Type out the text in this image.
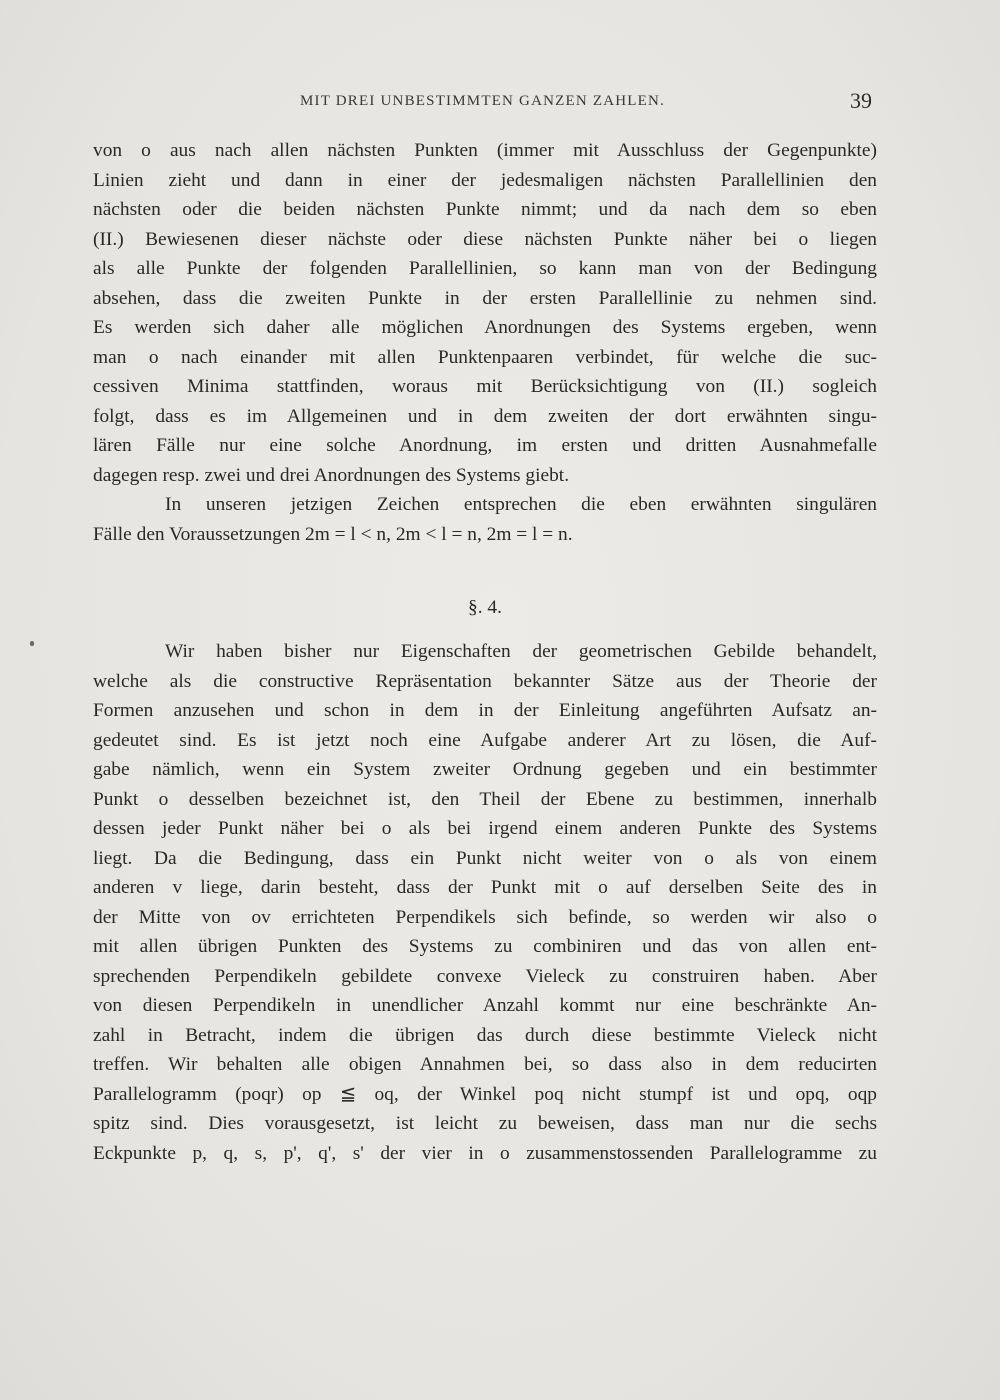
MIT DREI UNBESTIMMTEN GANZEN ZAHLEN.	39
von o aus nach allen nächsten Punkten (immer mit Ausschluss der Gegenpunkte)
Linien zieht und dann in einer der jedesmaligen nächsten Parallellinien den
nächsten oder die beiden nächsten Punkte nimmt; und da nach dem so eben
(II.) Bewiesenen dieser nächste oder diese nächsten Punkte näher bei o liegen
als alle Punkte der folgenden Parallellinien, so kann man von der Bedingung
absehen, dass die zweiten Punkte in der ersten Parallellinie zu nehmen sind.
Es werden sich daher alle möglichen Anordnungen des Systems ergeben, wenn
man o nach einander mit allen Punktenpaaren verbindet, für welche die suc-
cessiven Minima stattfinden, woraus mit Berücksichtigung von (II.) sogleich
folgt, dass es im Allgemeinen und in dem zweiten der dort erwähnten singu-
lären Fälle nur eine solche Anordnung, im ersten und dritten Ausnahmefalle
dagegen resp. zwei und drei Anordnungen des Systems giebt.
In unseren jetzigen Zeichen entsprechen die eben erwähnten singulären
Fälle den Voraussetzungen 2m = l < n, 2m < l = n, 2m = l = n.
§. 4.
Wir haben bisher nur Eigenschaften der geometrischen Gebilde behandelt,
welche als die constructive Repräsentation bekannter Sätze aus der Theorie der
Formen anzusehen und schon in dem in der Einleitung angeführten Aufsatz an-
gedeutet sind. Es ist jetzt noch eine Aufgabe anderer Art zu lösen, die Auf-
gabe nämlich, wenn ein System zweiter Ordnung gegeben und ein bestimmter
Punkt o desselben bezeichnet ist, den Theil der Ebene zu bestimmen, innerhalb
dessen jeder Punkt näher bei o als bei irgend einem anderen Punkte des Systems
liegt. Da die Bedingung, dass ein Punkt nicht weiter von o als von einem
anderen v liege, darin besteht, dass der Punkt mit o auf derselben Seite des in
der Mitte von ov errichteten Perpendikels sich befinde, so werden wir also o
mit allen übrigen Punkten des Systems zu combiniren und das von allen ent-
sprechenden Perpendikeln gebildete convexe Vieleck zu construiren haben. Aber
von diesen Perpendikeln in unendlicher Anzahl kommt nur eine beschränkte An-
zahl in Betracht, indem die übrigen das durch diese bestimmte Vieleck nicht
treffen. Wir behalten alle obigen Annahmen bei, so dass also in dem reducirten
Parallelogramm (poqr) op ≦ oq, der Winkel poq nicht stumpf ist und opq, oqp
spitz sind. Dies vorausgesetzt, ist leicht zu beweisen, dass man nur die sechs
Eckpunkte p, q, s, p', q', s' der vier in o zusammenstossenden Parallelogramme zu
